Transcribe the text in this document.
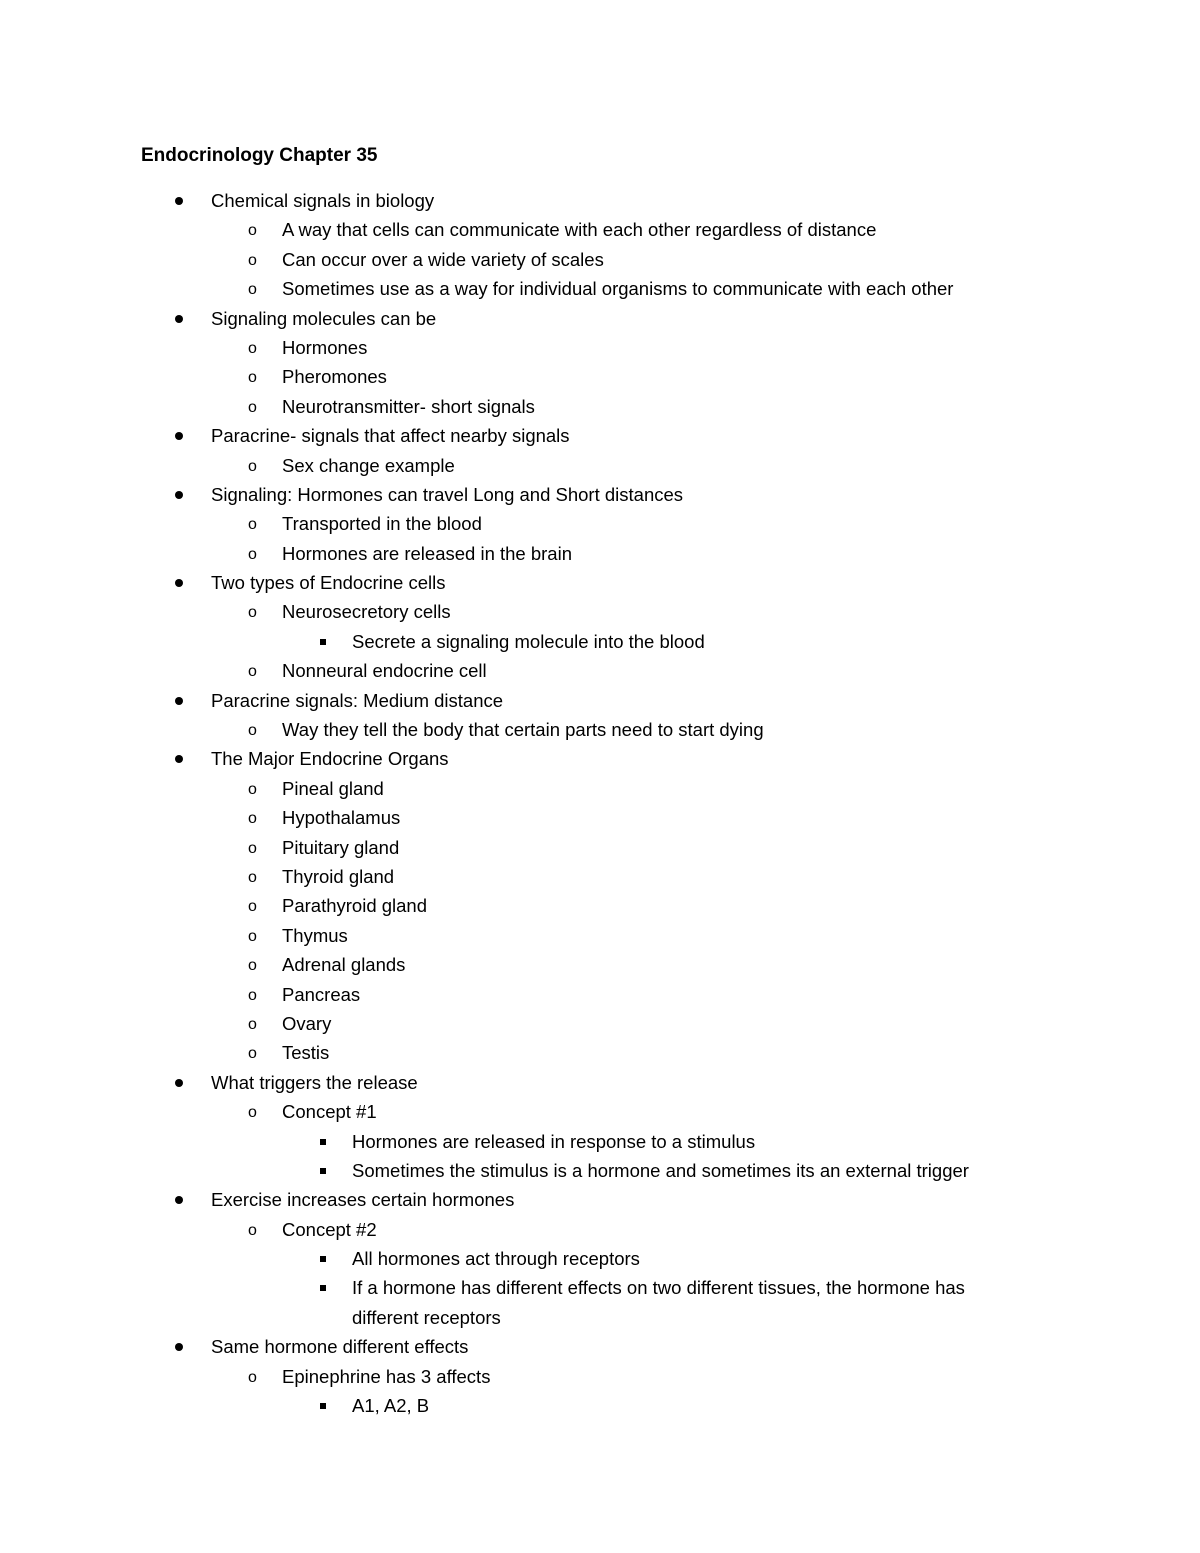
Endocrinology Chapter 35
Chemical signals in biology
o A way that cells can communicate with each other regardless of distance
o Can occur over a wide variety of scales
o Sometimes use as a way for individual organisms to communicate with each other
Signaling molecules can be
o Hormones
o Pheromones
o Neurotransmitter- short signals
Paracrine- signals that affect nearby signals
o Sex change example
Signaling: Hormones can travel Long and Short distances
o Transported in the blood
o Hormones are released in the brain
Two types of Endocrine cells
o Neurosecretory cells
Secrete a signaling molecule into the blood
o Nonneural endocrine cell
Paracrine signals: Medium distance
o Way they tell the body that certain parts need to start dying
The Major Endocrine Organs
o Pineal gland
o Hypothalamus
o Pituitary gland
o Thyroid gland
o Parathyroid gland
o Thymus
o Adrenal glands
o Pancreas
o Ovary
o Testis
What triggers the release
o Concept #1
Hormones are released in response to a stimulus
Sometimes the stimulus is a hormone and sometimes its an external trigger
Exercise increases certain hormones
o Concept #2
All hormones act through receptors
If a hormone has different effects on two different tissues, the hormone has
different receptors
Same hormone different effects
o Epinephrine has 3 affects
A1, A2, B
